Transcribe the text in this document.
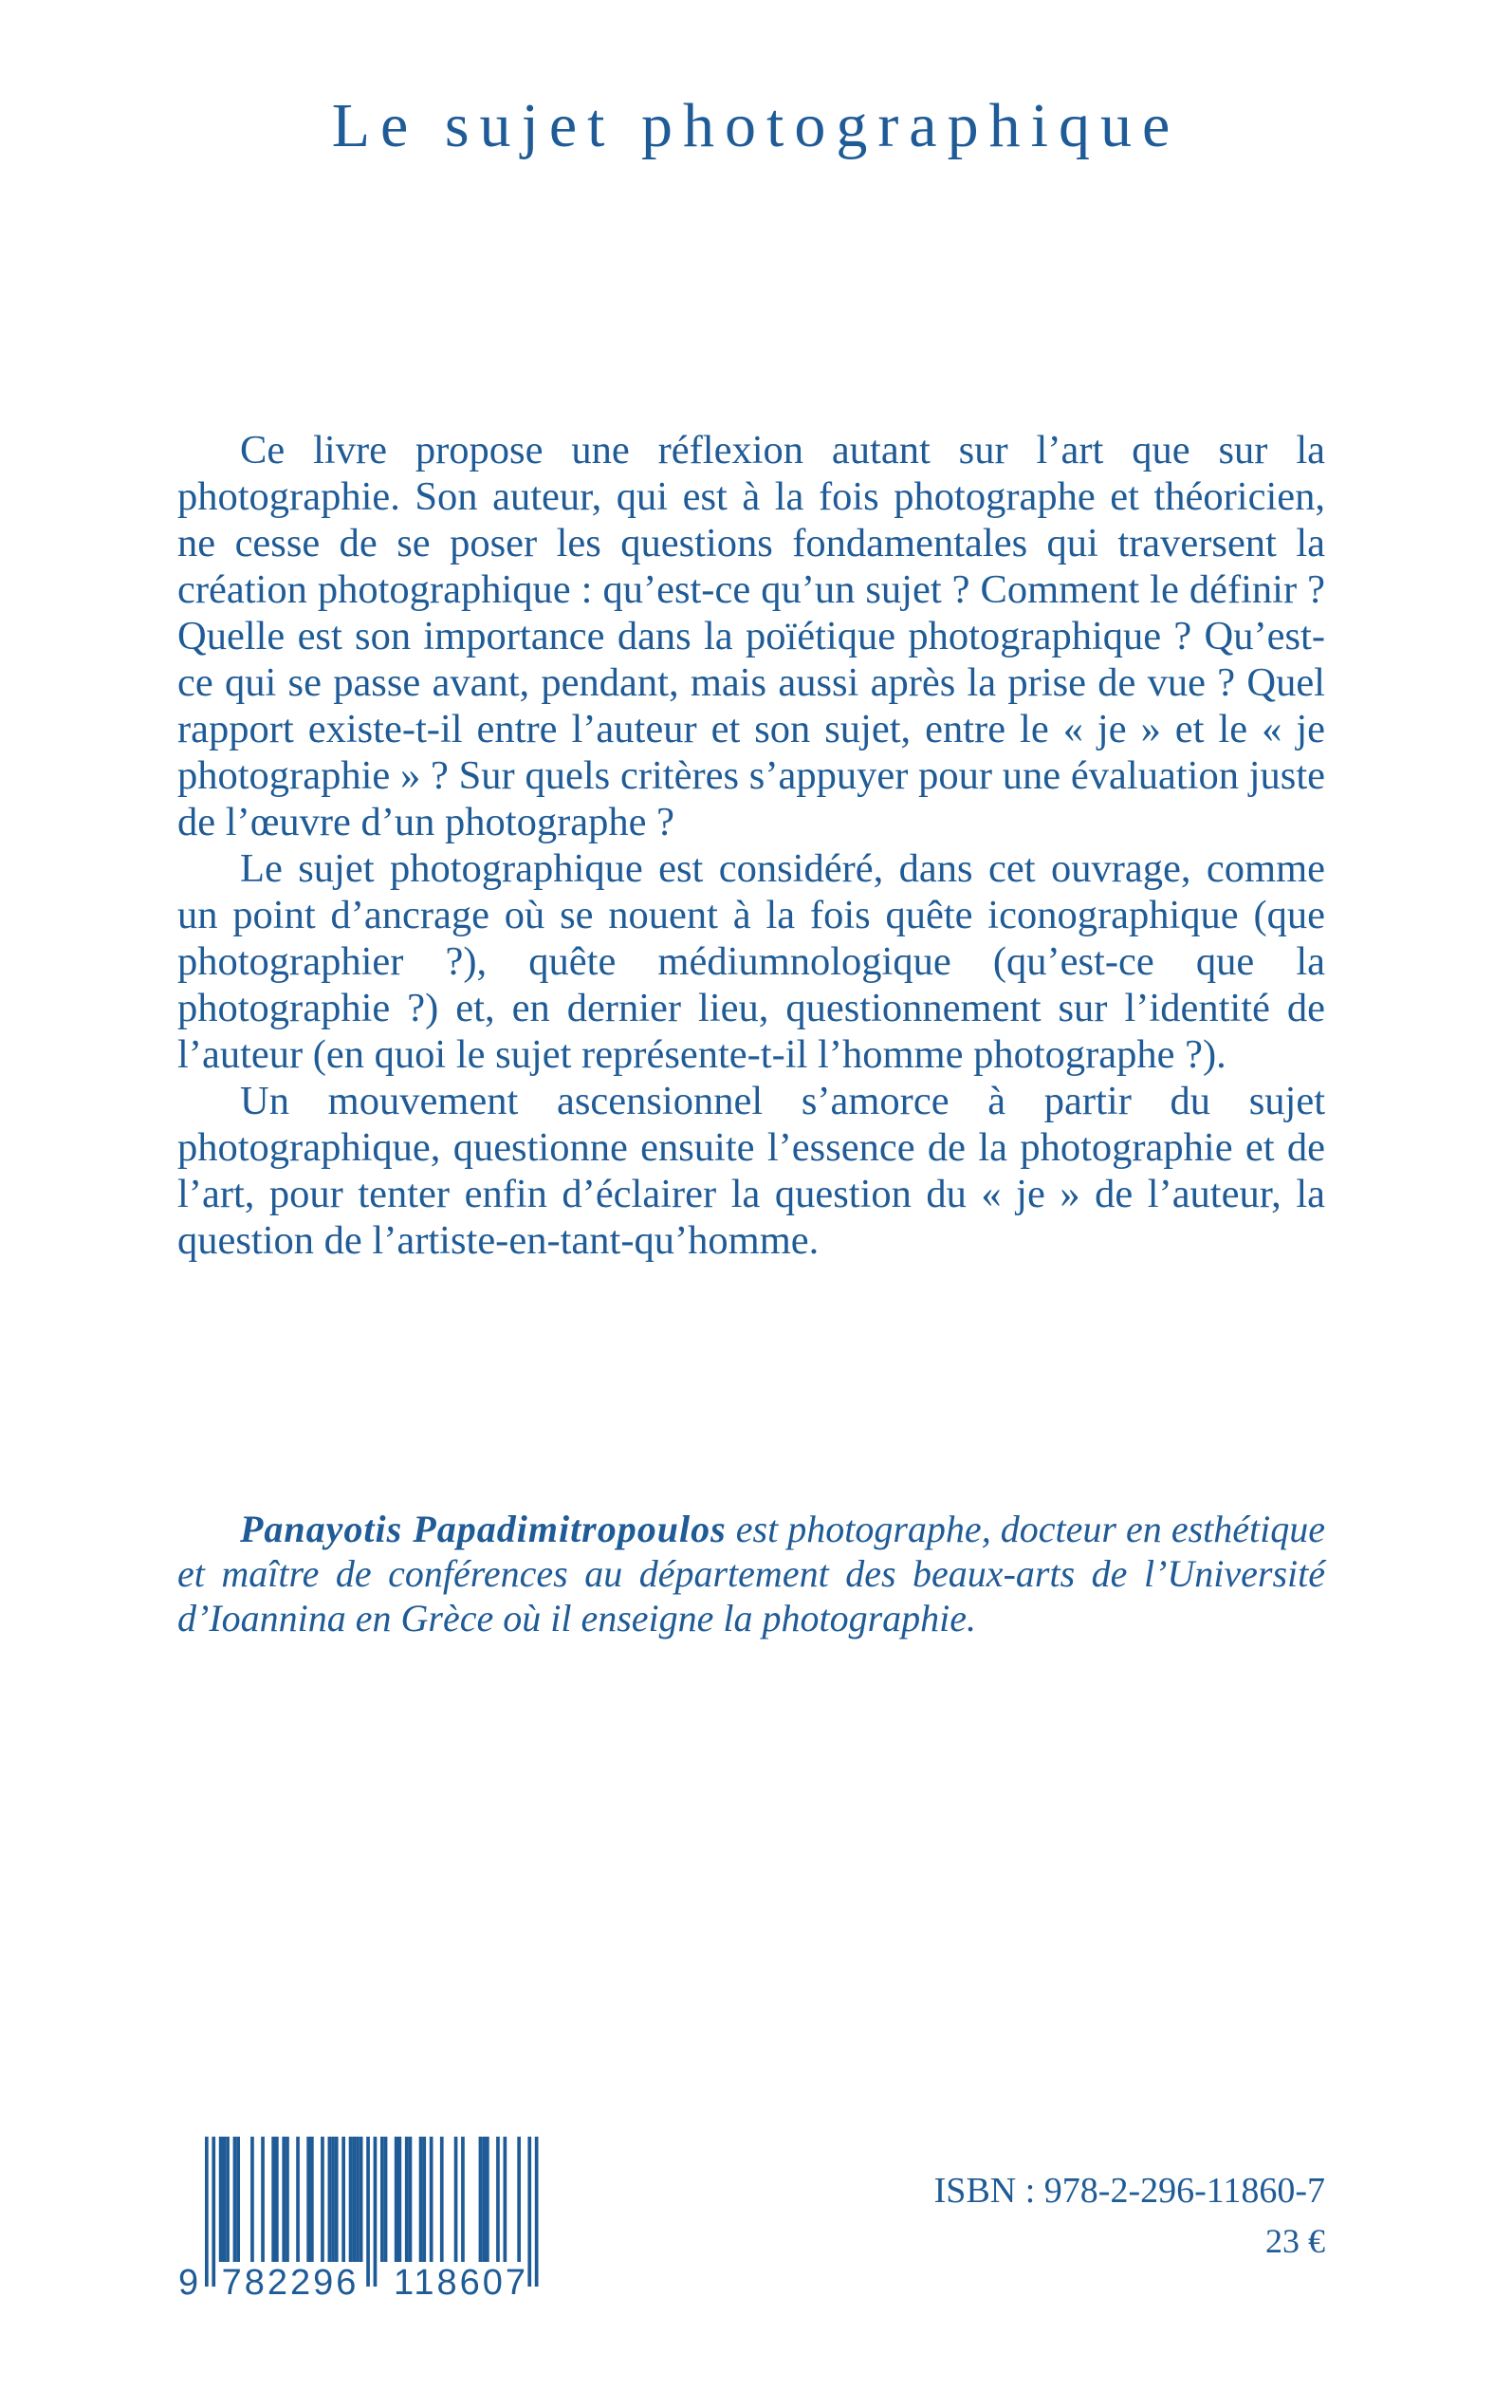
Le sujet photographique

Ce livre propose une réflexion autant sur l’art que sur la photographie. Son auteur, qui est à la fois photographe et théoricien, ne cesse de se poser les questions fondamentales qui traversent la création photographique : qu’est-ce qu’un sujet ? Comment le définir ? Quelle est son importance dans la poïétique photographique ? Qu’est-ce qui se passe avant, pendant, mais aussi après la prise de vue ? Quel rapport existe-t-il entre l’auteur et son sujet, entre le « je » et le « je photographie » ? Sur quels critères s’appuyer pour une évaluation juste de l’œuvre d’un photographe ?

Le sujet photographique est considéré, dans cet ouvrage, comme un point d’ancrage où se nouent à la fois quête iconographique (que photographier ?), quête médiumnologique (qu’est-ce que la photographie ?) et, en dernier lieu, questionnement sur l’identité de l’auteur (en quoi le sujet représente-t-il l’homme photographe ?).

Un mouvement ascensionnel s’amorce à partir du sujet photographique, questionne ensuite l’essence de la photographie et de l’art, pour tenter enfin d’éclairer la question du « je » de l’auteur, la question de l’artiste-en-tant-qu’homme.

Panayotis Papadimitropoulos est photographe, docteur en esthétique et maître de conférences au département des beaux-arts de l’Université d’Ioannina en Grèce où il enseigne la photographie.

9 782296 118607
ISBN : 978-2-296-11860-7
23 €
